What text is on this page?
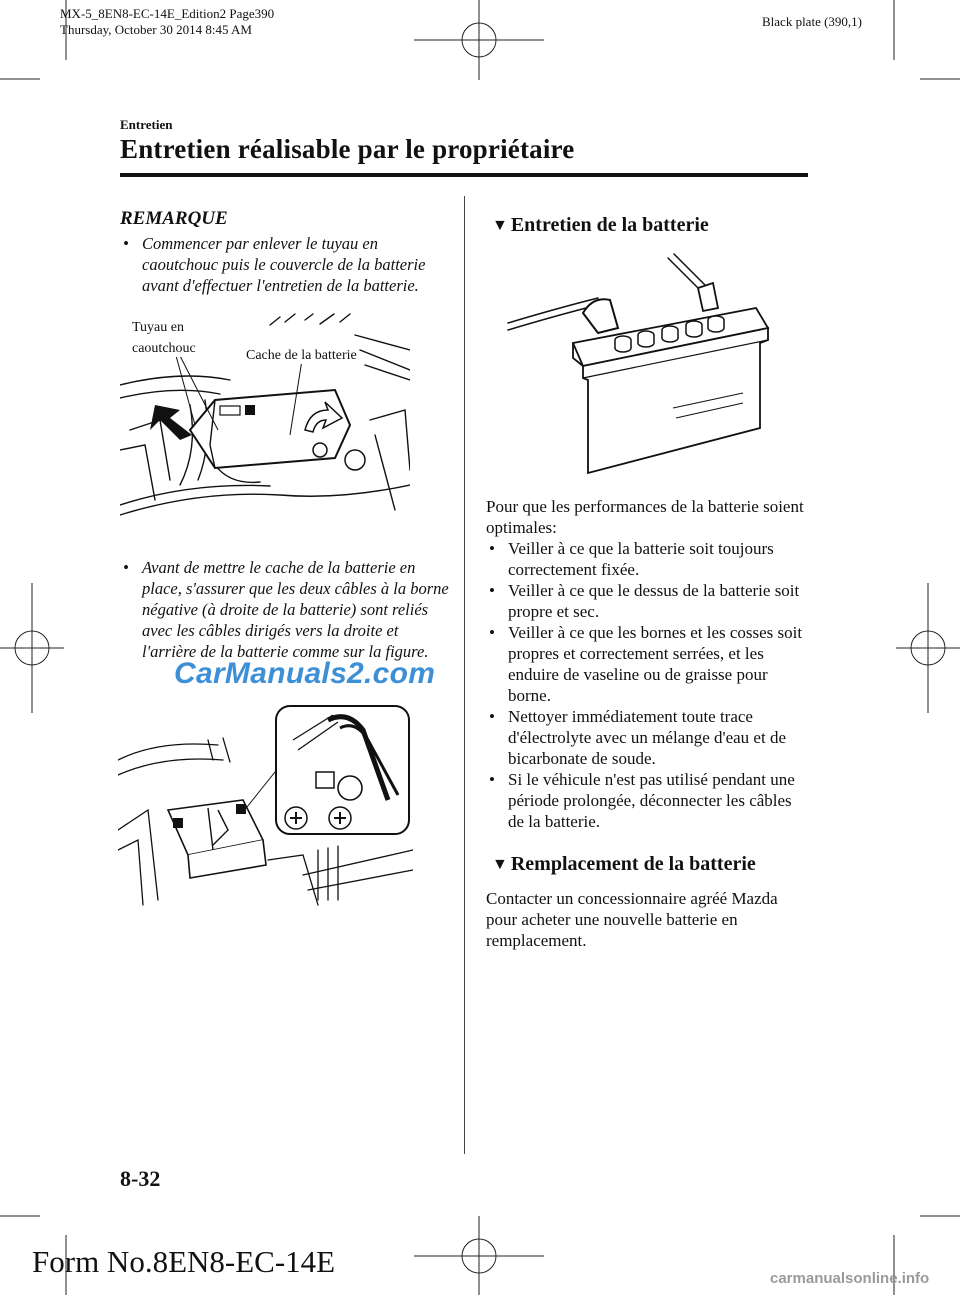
MX-5_8EN8-EC-14E_Edition2 Page390
Thursday, October 30 2014 8:45 AM
Black plate (390,1)
Entretien
Entretien réalisable par le propriétaire
REMARQUE
• Commencer par enlever le tuyau en caoutchouc puis le couvercle de la batterie avant d'effectuer l'entretien de la batterie.
Tuyau en
caoutchouc	Cache de la batterie
• Avant de mettre le cache de la batterie en place, s'assurer que les deux câbles à la borne négative (à droite de la batterie) sont reliés avec les câbles dirigés vers la droite et l'arrière de la batterie comme sur la figure.
CarManuals2.com
▼ Entretien de la batterie
Pour que les performances de la batterie soient optimales:
• Veiller à ce que la batterie soit toujours correctement fixée.
• Veiller à ce que le dessus de la batterie soit propre et sec.
• Veiller à ce que les bornes et les cosses soit propres et correctement serrées, et les enduire de vaseline ou de graisse pour borne.
• Nettoyer immédiatement toute trace d'électrolyte avec un mélange d'eau et de bicarbonate de soude.
• Si le véhicule n'est pas utilisé pendant une période prolongée, déconnecter les câbles de la batterie.
▼ Remplacement de la batterie
Contacter un concessionnaire agréé Mazda pour acheter une nouvelle batterie en remplacement.
8-32
Form No.8EN8-EC-14E	carmanualsonline.info
